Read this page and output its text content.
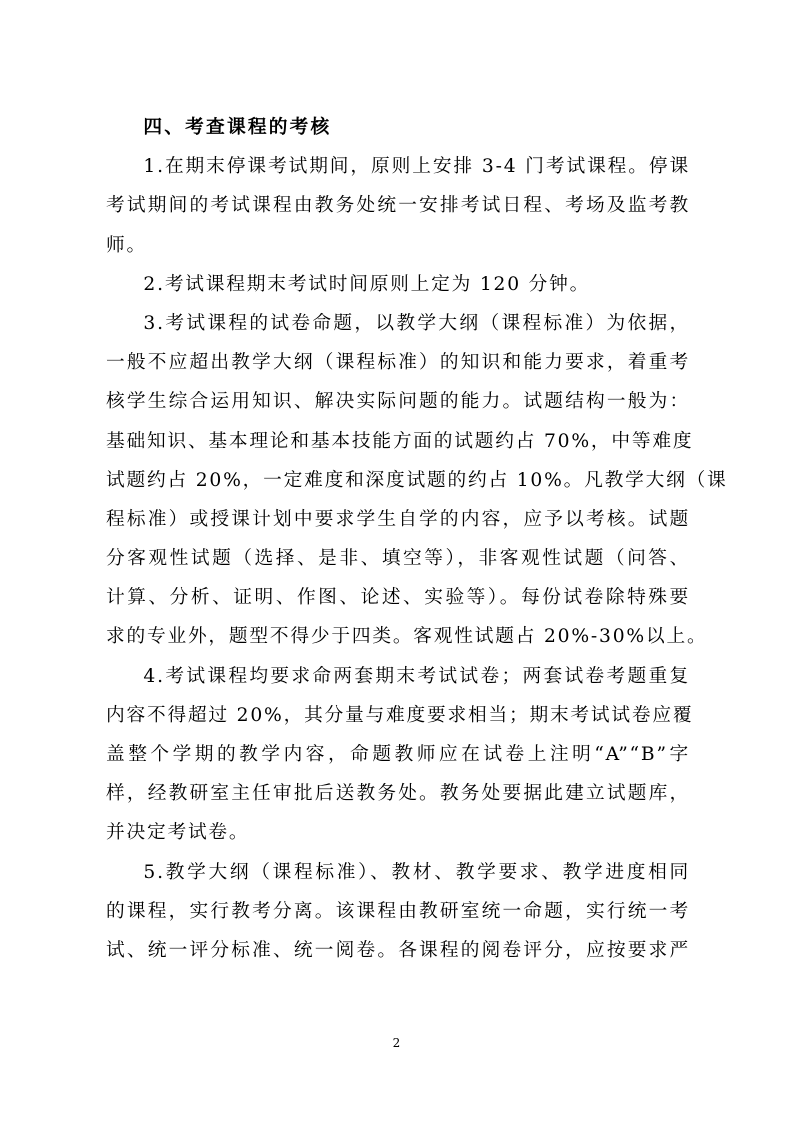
四、考查课程的考核
1.在期末停课考试期间，原则上安排 3-4 门考试课程。停课
考试期间的考试课程由教务处统一安排考试日程、考场及监考教
师。
2.考试课程期末考试时间原则上定为 120 分钟。
3.考试课程的试卷命题，以教学大纲（课程标准）为依据，
一般不应超出教学大纲（课程标准）的知识和能力要求，着重考
核学生综合运用知识、解决实际问题的能力。试题结构一般为：
基础知识、基本理论和基本技能方面的试题约占 70%，中等难度
试题约占 20%，一定难度和深度试题的约占 10%。凡教学大纲（课
程标准）或授课计划中要求学生自学的内容，应予以考核。试题
分客观性试题（选择、是非、填空等），非客观性试题（问答、
计算、分析、证明、作图、论述、实验等）。每份试卷除特殊要
求的专业外，题型不得少于四类。客观性试题占 20%-30%以上。
4.考试课程均要求命两套期末考试试卷；两套试卷考题重复
内容不得超过 20%，其分量与难度要求相当；期末考试试卷应覆
盖整个学期的教学内容，命题教师应在试卷上注明“A”“B”字
样，经教研室主任审批后送教务处。教务处要据此建立试题库，
并决定考试卷。
5.教学大纲（课程标准）、教材、教学要求、教学进度相同
的课程，实行教考分离。该课程由教研室统一命题，实行统一考
试、统一评分标准、统一阅卷。各课程的阅卷评分，应按要求严
2
